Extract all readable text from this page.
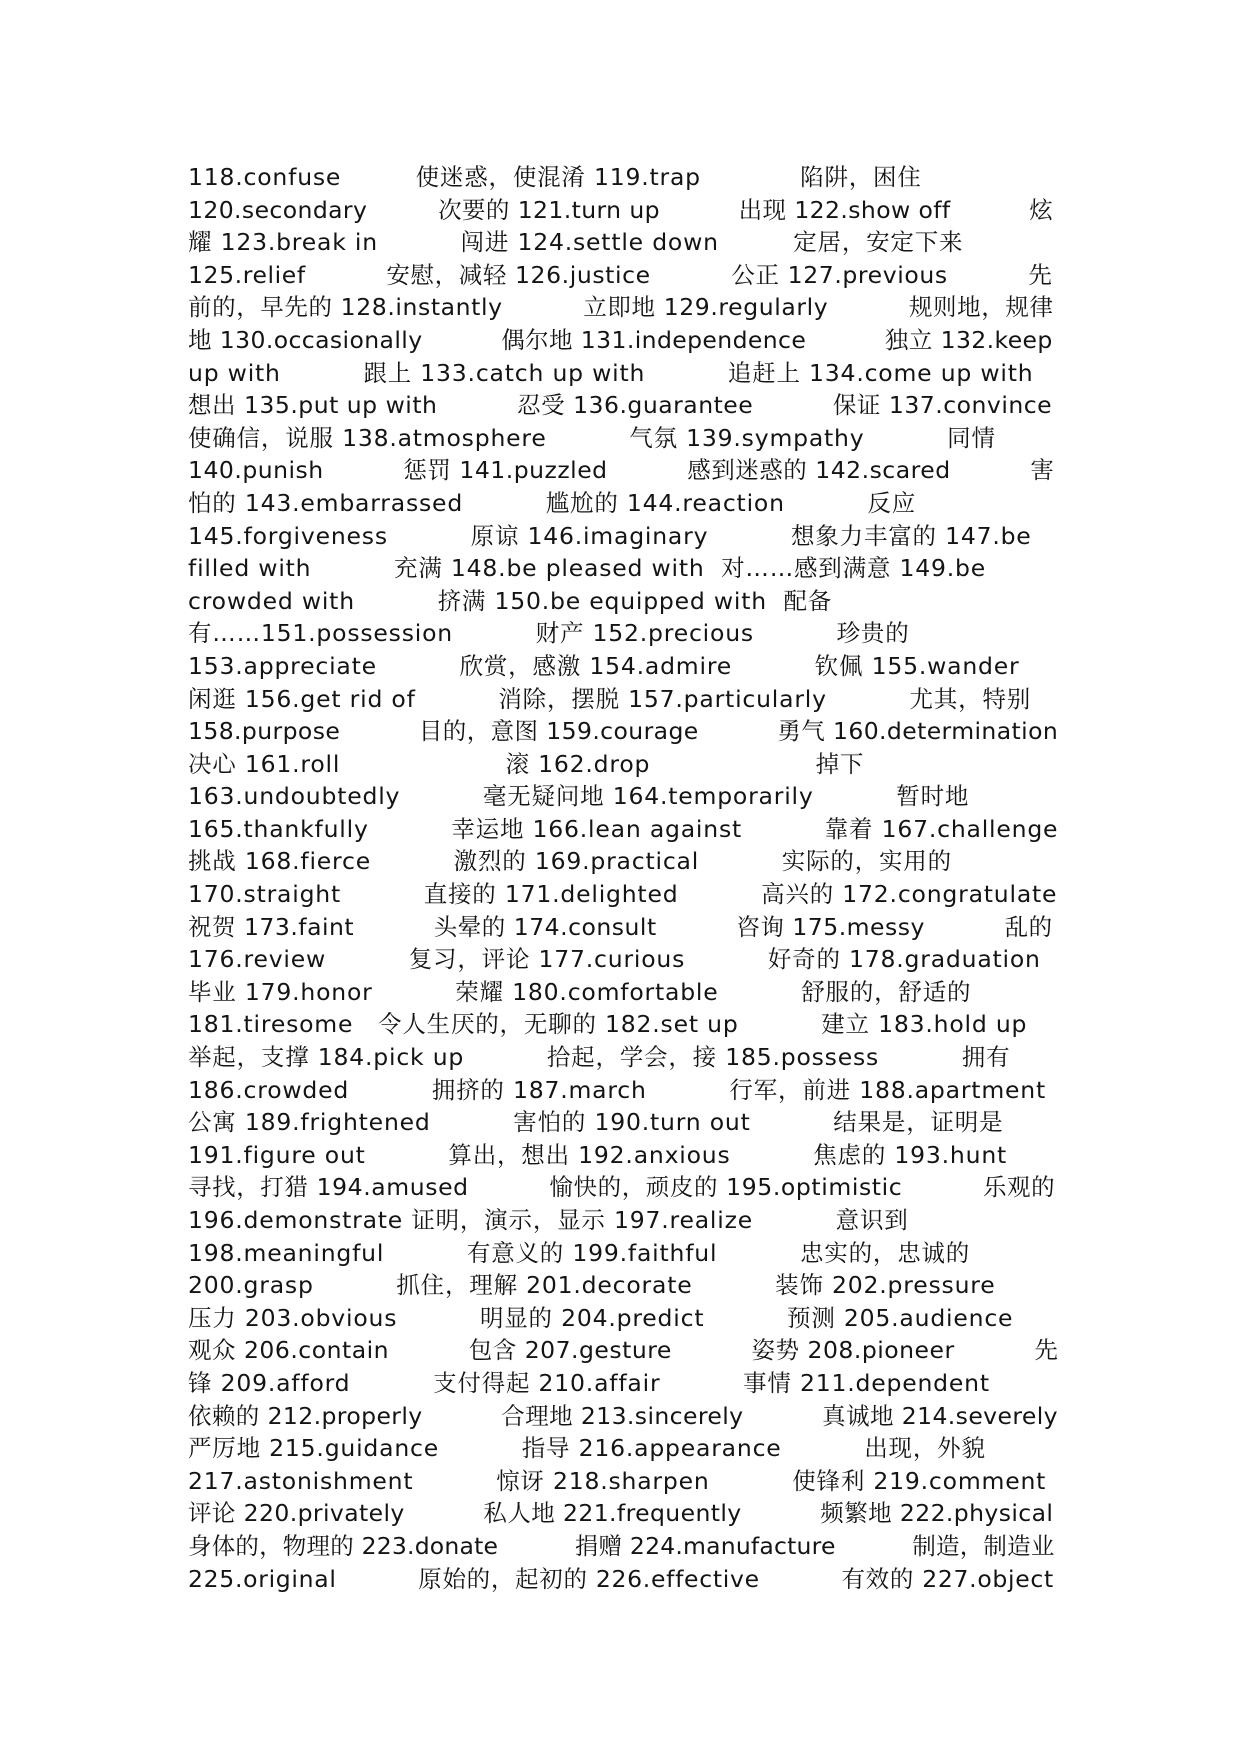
118.confuse         使迷惑，使混淆 119.trap            陷阱，困住
120.secondary         次要的 121.turn up          出现 122.show off          炫
耀 123.break in          闯进 124.settle down         定居，安定下来
125.relief          安慰，减轻 126.justice          公正 127.previous          先
前的，早先的 128.instantly          立即地 129.regularly          规则地，规律
地 130.occasionally          偶尔地 131.independence          独立 132.keep
up with          跟上 133.catch up with          追赶上 134.come up with
想出 135.put up with          忍受 136.guarantee          保证 137.convince
使确信，说服 138.atmosphere          气氛 139.sympathy          同情
140.punish          惩罚 141.puzzled          感到迷惑的 142.scared          害
怕的 143.embarrassed          尴尬的 144.reaction          反应
145.forgiveness          原谅 146.imaginary          想象力丰富的 147.be
filled with          充满 148.be pleased with  对……感到满意 149.be
crowded with          挤满 150.be equipped with  配备
有……151.possession          财产 152.precious          珍贵的
153.appreciate          欣赏，感激 154.admire          钦佩 155.wander
闲逛 156.get rid of          消除，摆脱 157.particularly          尤其，特别
158.purpose          目的，意图 159.courage          勇气 160.determination
决心 161.roll                    滚 162.drop                    掉下
163.undoubtedly          毫无疑问地 164.temporarily          暂时地
165.thankfully          幸运地 166.lean against          靠着 167.challenge
挑战 168.fierce          激烈的 169.practical          实际的，实用的
170.straight          直接的 171.delighted          高兴的 172.congratulate
祝贺 173.faint          头晕的 174.consult          咨询 175.messy          乱的
176.review          复习，评论 177.curious          好奇的 178.graduation
毕业 179.honor          荣耀 180.comfortable          舒服的，舒适的
181.tiresome   令人生厌的，无聊的 182.set up          建立 183.hold up
举起，支撑 184.pick up          拾起，学会，接 185.possess          拥有
186.crowded          拥挤的 187.march          行军，前进 188.apartment
公寓 189.frightened          害怕的 190.turn out          结果是，证明是
191.figure out          算出，想出 192.anxious          焦虑的 193.hunt
寻找，打猎 194.amused          愉快的，顽皮的 195.optimistic          乐观的
196.demonstrate 证明，演示，显示 197.realize          意识到
198.meaningful          有意义的 199.faithful          忠实的，忠诚的
200.grasp          抓住，理解 201.decorate          装饰 202.pressure
压力 203.obvious          明显的 204.predict          预测 205.audience
观众 206.contain          包含 207.gesture          姿势 208.pioneer          先
锋 209.afford          支付得起 210.affair          事情 211.dependent
依赖的 212.properly          合理地 213.sincerely          真诚地 214.severely
严厉地 215.guidance          指导 216.appearance          出现，外貌
217.astonishment          惊讶 218.sharpen          使锋利 219.comment
评论 220.privately          私人地 221.frequently          频繁地 222.physical
身体的，物理的 223.donate          捐赠 224.manufacture          制造，制造业
225.original          原始的，起初的 226.effective          有效的 227.object
